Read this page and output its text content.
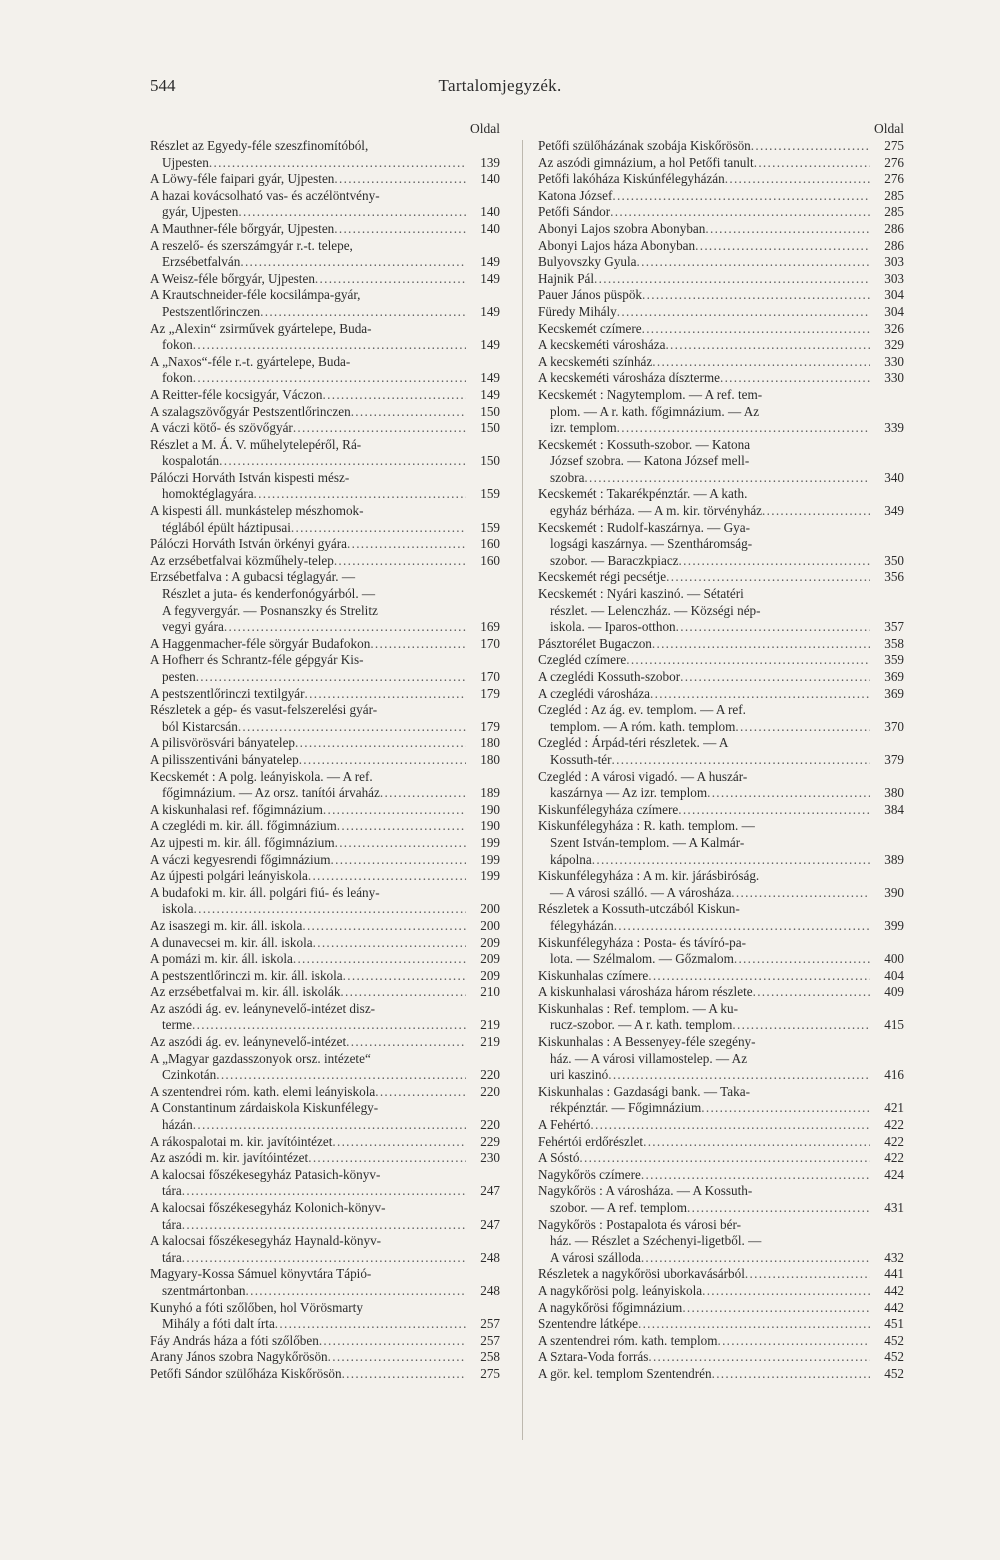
544	Tartalomjegyzék.
Oldal
Részlet az Egyedy-féle szeszfinomítóból,
Ujpesten . . .	139
A Löwy-féle faipari gyár, Ujpesten . . .	140
A hazai kovácsolható vas- és aczélöntvény-
gyár, Ujpesten . . .	140
A Mauthner-féle bőrgyár, Ujpesten . . .	140
A reszelő- és szerszámgyár r.-t. telepe,
Erzsébetfalván . . .	149
A Weisz-féle bőrgyár, Ujpesten . . .	149
A Krautschneider-féle kocsilámpa-gyár,
Pestszentlőrinczen . . .	149
Az „Alexin“ zsirművek gyártelepe, Buda-
fokon . . .	149
A „Naxos“-féle r.-t. gyártelepe, Buda-
fokon . . .	149
A Reitter-féle kocsigyár, Váczon . . .	149
A szalagszövőgyár Pestszentlőrinczen . . .	150
A váczi kötő- és szövőgyár . . .	150
Részlet a M. Á. V. műhelytelepéről, Rá-
kospalotán . . .	150
Pálóczi Horváth István kispesti mész-
homoktéglagyára . . .	159
A kispesti áll. munkástelep mészhomok-
téglából épült háztipusai . . .	159
Pálóczi Horváth István örkényi gyára . . .	160
Az erzsébetfalvai közműhely-telep . . .	160
Erzsébetfalva : A gubacsi téglagyár. —
Részlet a juta- és kenderfonógyárból. —
A fegyvergyár. — Posnanszky és Strelitz
vegyi gyára . . .	169
A Haggenmacher-féle sörgyár Budafokon . . .	170
A Hofherr és Schrantz-féle gépgyár Kis-
pesten . . .	170
A pestszentlőrinczi textilgyár . . .	179
Részletek a gép- és vasut-felszerelési gyár-
ból Kistarcsán . . .	179
A pilisvörösvári bányatelep . . .	180
A pilisszentiváni bányatelep . . .	180
Kecskemét : A polg. leányiskola. — A ref.
főgimnázium. — Az orsz. tanítói árvaház . . .	189
A kiskunhalasi ref. főgimnázium . . .	190
A czeglédi m. kir. áll. főgimnázium . . .	190
Az ujpesti m. kir. áll. főgimnázium . . .	199
A váczi kegyesrendi főgimnázium . . .	199
Az újpesti polgári leányiskola . . .	199
A budafoki m. kir. áll. polgári fiú- és leány-
iskola . . .	200
Az isaszegi m. kir. áll. iskola . . .	200
A dunavecsei m. kir. áll. iskola . . .	209
A pomázi m. kir. áll. iskola . . .	209
A pestszentlőrinczi m. kir. áll. iskola . . .	209
Az erzsébetfalvai m. kir. áll. iskolák . . .	210
Az aszódi ág. ev. leánynevelő-intézet disz-
terme . . .	219
Az aszódi ág. ev. leánynevelő-intézet . . .	219
A „Magyar gazdasszonyok orsz. intézete“
Czinkotán . . .	220
A szentendrei róm. kath. elemi leányiskola . . .	220
A Constantinum zárdaiskola Kiskunfélegy-
házán . . .	220
A rákospalotai m. kir. javítóintézet . . .	229
Az aszódi m. kir. javítóintézet . . .	230
A kalocsai főszékesegyház Patasich-könyv-
tára . . .	247
A kalocsai főszékesegyház Kolonich-könyv-
tára . . .	247
A kalocsai főszékesegyház Haynald-könyv-
tára . . .	248
Magyary-Kossa Sámuel könyvtára Tápió-
szentmártonban . . .	248
Kunyhó a fóti szőlőben, hol Vörösmarty
Mihály a fóti dalt írta . . .	257
Fáy András háza a fóti szőlőben . . .	257
Arany János szobra Nagykőrösön . . .	258
Petőfi Sándor szülőháza Kiskőrösön . . .	275
Oldal
Petőfi szülőházának szobája Kiskőrösön . . .	275
Az aszódi gimnázium, a hol Petőfi tanult . . .	276
Petőfi lakóháza Kiskúnfélegyházán . . .	276
Katona József . . .	285
Petőfi Sándor . . .	285
Abonyi Lajos szobra Abonyban . . .	286
Abonyi Lajos háza Abonyban . . .	286
Bulyovszky Gyula . . .	303
Hajnik Pál . . .	303
Pauer János püspök . . .	304
Füredy Mihály . . .	304
Kecskemét czímere . . .	326
A kecskeméti városháza . . .	329
A kecskeméti színház . . .	330
A kecskeméti városháza díszterme . . .	330
Kecskemét : Nagytemplom. — A ref. tem-
plom. — A r. kath. főgimnázium. — Az
izr. templom . . .	339
Kecskemét : Kossuth-szobor. — Katona
József szobra. — Katona József mell-
szobra . . .	340
Kecskemét : Takarékpénztár. — A kath.
egyház bérháza. — A m. kir. törvényház . . .	349
Kecskemét : Rudolf-kaszárnya. — Gya-
logsági kaszárnya. — Szentháromság-
szobor. — Baraczkpiacz . . .	350
Kecskemét régi pecsétje . . .	356
Kecskemét : Nyári kaszinó. — Sétatéri
részlet. — Lelenczház. — Községi nép-
iskola. — Iparos-otthon . . .	357
Pásztorélet Bugaczon . . .	358
Czegléd czímere . . .	359
A czeglédi Kossuth-szobor . . .	369
A czeglédi városháza . . .	369
Czegléd : Az ág. ev. templom. — A ref.
templom. — A róm. kath. templom . . .	370
Czegléd : Árpád-téri részletek. — A
Kossuth-tér . . .	379
Czegléd : A városi vigadó. — A huszár-
kaszárnya — Az izr. templom . . .	380
Kiskunfélegyháza czímere . . .	384
Kiskunfélegyháza : R. kath. templom. —
Szent István-templom. — A Kalmár-
kápolna . . .	389
Kiskunfélegyháza : A m. kir. járásbiróság.
— A városi szálló. — A városháza . . .	390
Részletek a Kossuth-utczából Kiskun-
félegyházán . . .	399
Kiskunfélegyháza : Posta- és távíró-pa-
lota. — Szélmalom. — Gőzmalom . . .	400
Kiskunhalas czímere . . .	404
A kiskunhalasi városháza három részlete . . .	409
Kiskunhalas : Ref. templom. — A ku-
rucz-szobor. — A r. kath. templom . . .	415
Kiskunhalas : A Bessenyey-féle szegény-
ház. — A városi villamostelep. — Az
uri kaszinó . . .	416
Kiskunhalas : Gazdasági bank. — Taka-
rékpénztár. — Főgimnázium . . .	421
A Fehértó . . .	422
Fehértói erdőrészlet . . .	422
A Sóstó . . .	422
Nagykőrös czímere . . .	424
Nagykőrös : A városháza. — A Kossuth-
szobor. — A ref. templom . . .	431
Nagykőrös : Postapalota és városi bér-
ház. — Részlet a Széchenyi-ligetből. —
A városi szálloda . . .	432
Részletek a nagykőrösi uborkavásárból . . .	441
A nagykőrösi polg. leányiskola . . .	442
A nagykőrösi főgimnázium . . .	442
Szentendre látképe . . .	451
A szentendrei róm. kath. templom . . .	452
A Sztara-Voda forrás . . .	452
A gör. kel. templom Szentendrén . . .	452
